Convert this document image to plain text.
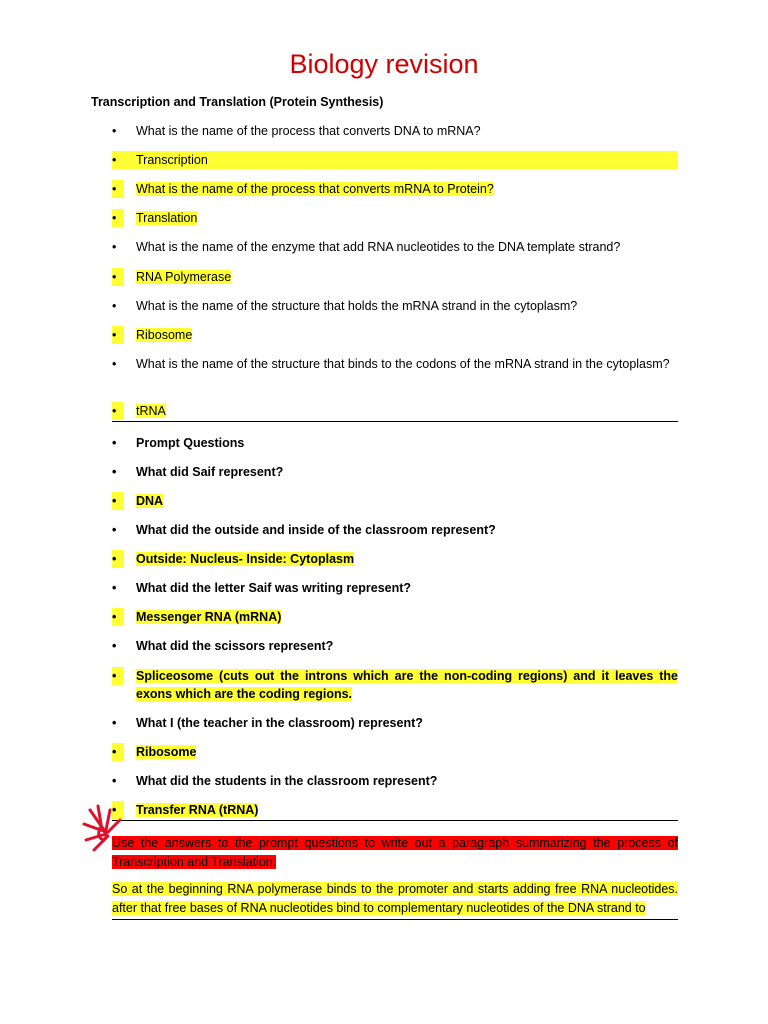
Biology revision
Transcription and Translation (Protein Synthesis)
•	What is the name of the process that converts DNA to mRNA?
•	Transcription
•	What is the name of the process that converts mRNA to Protein?
•	Translation
•	What is the name of the enzyme that add RNA nucleotides to the DNA template strand?
•	RNA Polymerase
•	What is the name of the structure that holds the mRNA strand in the cytoplasm?
•	Ribosome
•	What is the name of the structure that binds to the codons of the mRNA strand in the cytoplasm?
•	tRNA
•	Prompt Questions
•	What did Saif represent?
•	DNA
•	What did the outside and inside of the classroom represent?
•	Outside: Nucleus- Inside: Cytoplasm
•	What did the letter Saif was writing represent?
•	Messenger RNA (mRNA)
•	What did the scissors represent?
•	Spliceosome (cuts out the introns which are the non-coding regions) and it leaves the exons which are the coding regions.
•	What I (the teacher in the classroom) represent?
•	Ribosome
•	What did the students in the classroom represent?
•	Transfer RNA (tRNA)
Use the answers to the prompt questions to write out a paragraph summarizing the process of Transcription and Translation:
So at the beginning RNA polymerase binds to the promoter and starts adding free RNA nucleotides. after that free bases of RNA nucleotides bind to complementary nucleotides of the DNA strand to
